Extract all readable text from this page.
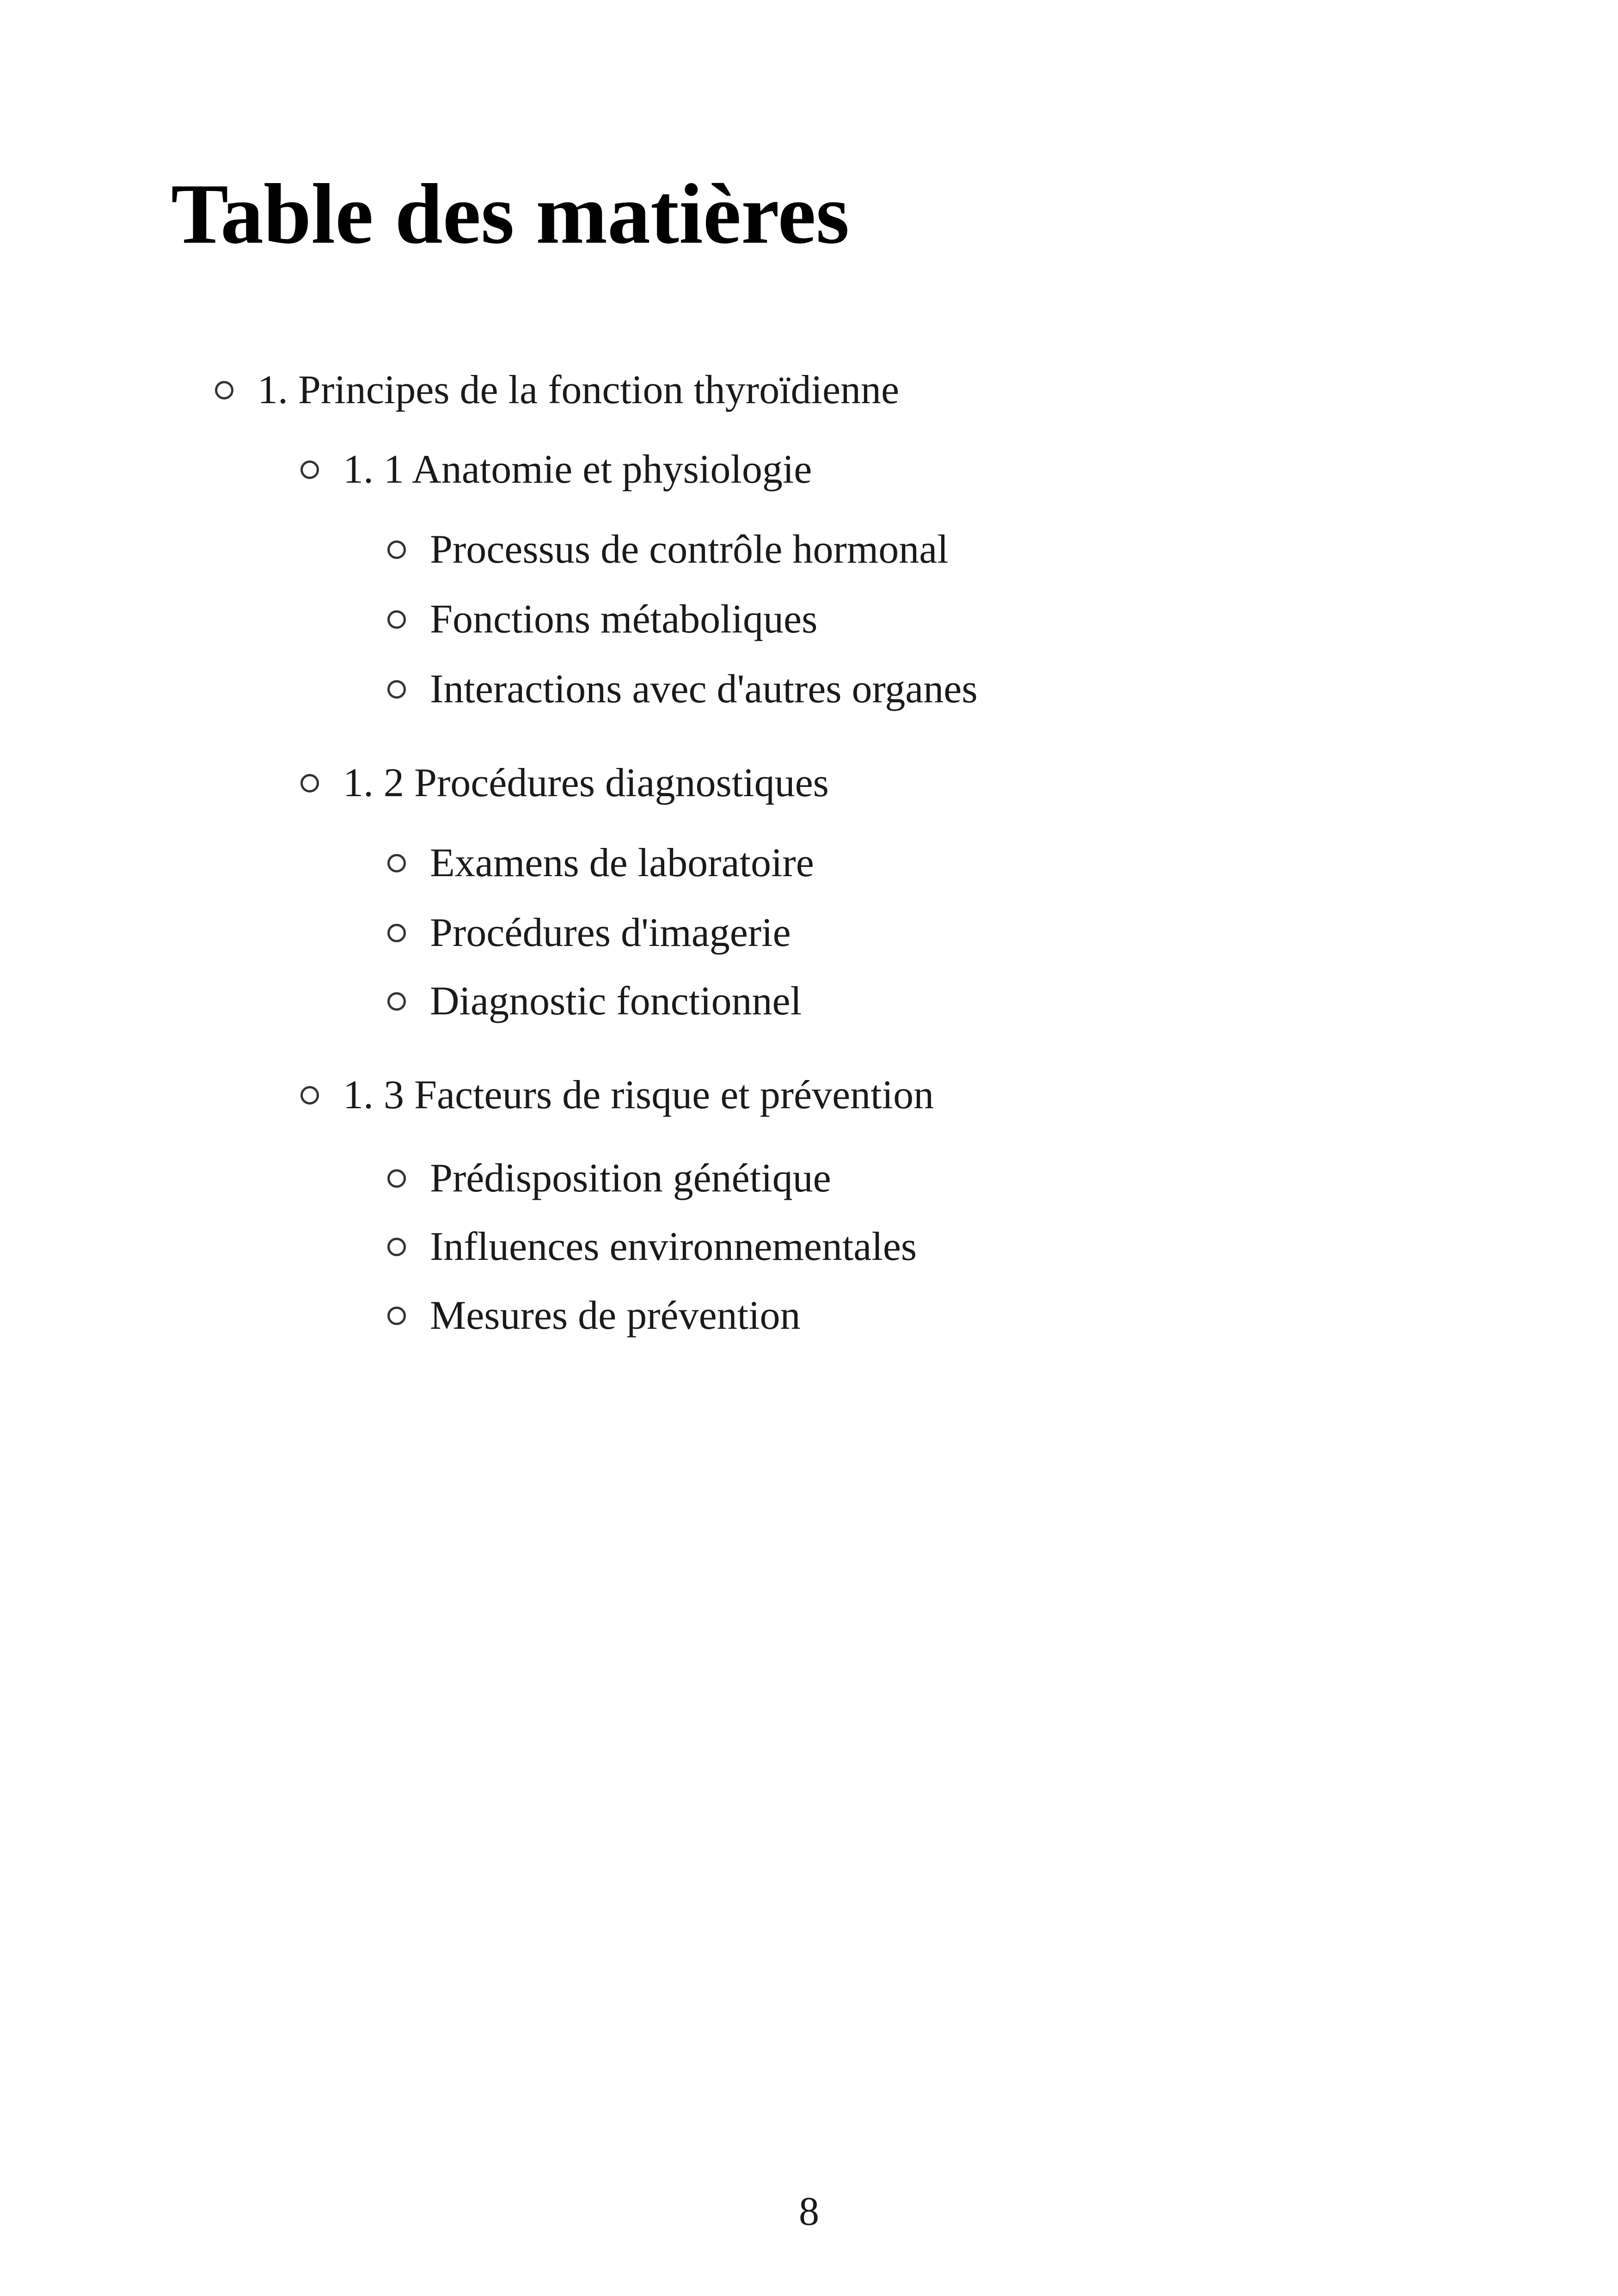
Table des matières
1. Principes de la fonction thyroïdienne
1. 1 Anatomie et physiologie
Processus de contrôle hormonal
Fonctions métaboliques
Interactions avec d'autres organes
1. 2 Procédures diagnostiques
Examens de laboratoire
Procédures d'imagerie
Diagnostic fonctionnel
1. 3 Facteurs de risque et prévention
Prédisposition génétique
Influences environnementales
Mesures de prévention
8
